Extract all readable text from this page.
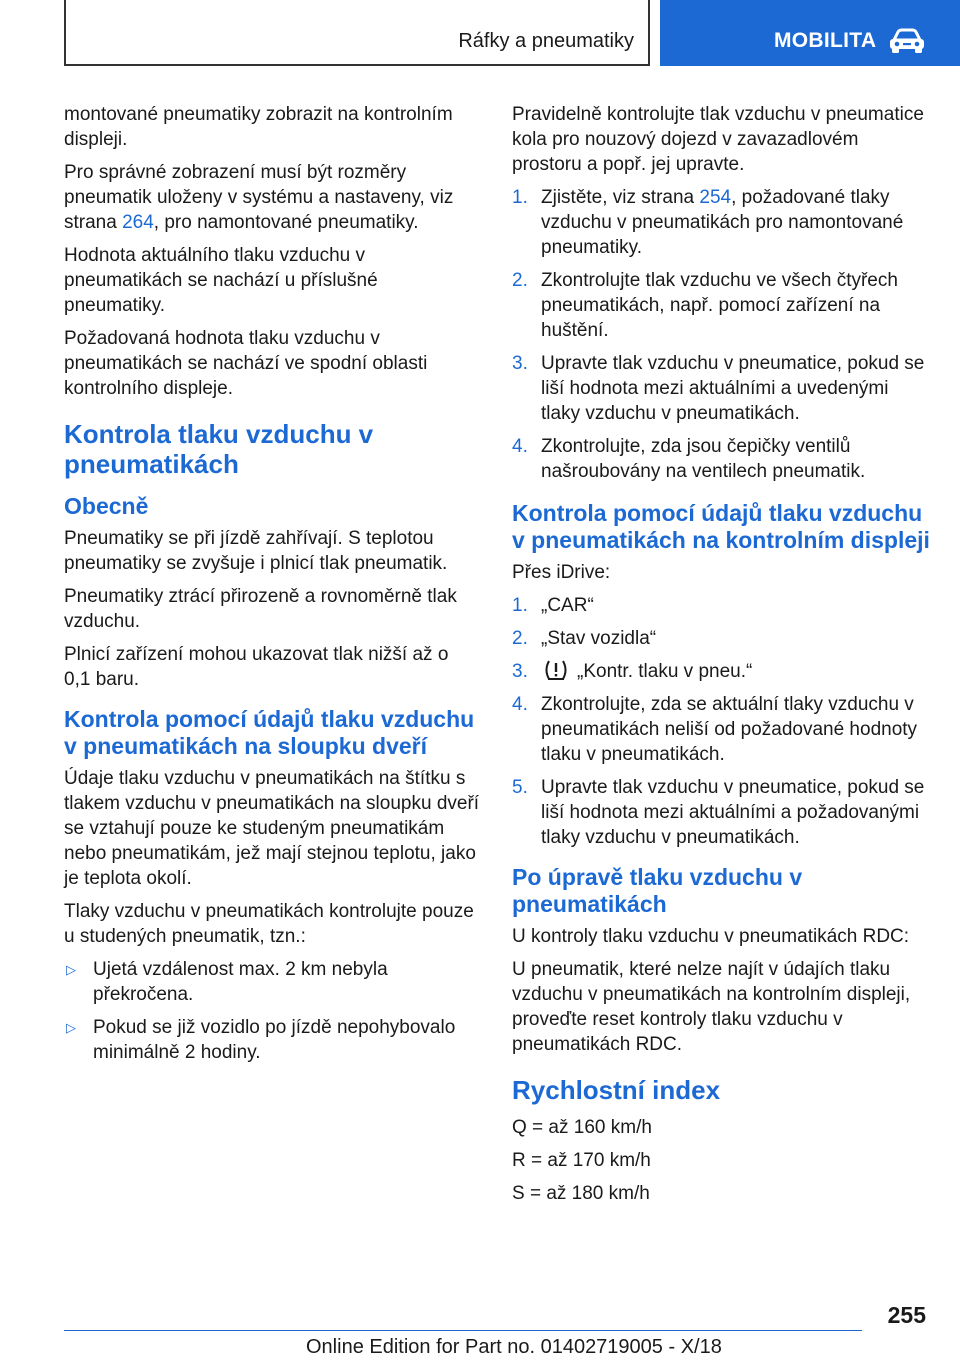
Ráfky a pneumatiky	MOBILITA

montované pneumatiky zobrazit na kontrolním displeji.

Pro správné zobrazení musí být rozměry pneumatik uloženy v systému a nastaveny, viz strana 264, pro namontované pneumatiky.

Hodnota aktuálního tlaku vzduchu v pneumatikách se nachází u příslušné pneumatiky.

Požadovaná hodnota tlaku vzduchu v pneumatikách se nachází ve spodní oblasti kontrolního displeje.

Kontrola tlaku vzduchu v pneumatikách
Obecně

Pneumatiky se při jízdě zahřívají. S teplotou pneumatiky se zvyšuje i plnicí tlak pneumatik.

Pneumatiky ztrácí přirozeně a rovnoměrně tlak vzduchu.

Plnicí zařízení mohou ukazovat tlak nižší až o 0,1 baru.

Kontrola pomocí údajů tlaku vzduchu v pneumatikách na sloupku dveří

Údaje tlaku vzduchu v pneumatikách na štítku s tlakem vzduchu v pneumatikách na sloupku dveří se vztahují pouze ke studeným pneumatikám nebo pneumatikám, jež mají stejnou teplotu, jako je teplota okolí.

Tlaky vzduchu v pneumatikách kontrolujte pouze u studených pneumatik, tzn.:

▷ Ujetá vzdálenost max. 2 km nebyla překročena.
▷ Pokud se již vozidlo po jízdě nepohybovalo minimálně 2 hodiny.

Pravidelně kontrolujte tlak vzduchu v pneumatice kola pro nouzový dojezd v zavazadlovém prostoru a popř. jej upravte.

1. Zjistěte, viz strana 254, požadované tlaky vzduchu v pneumatikách pro namontované pneumatiky.
2. Zkontrolujte tlak vzduchu ve všech čtyřech pneumatikách, např. pomocí zařízení na huštění.
3. Upravte tlak vzduchu v pneumatice, pokud se liší hodnota mezi aktuálními a uvedenými tlaky vzduchu v pneumatikách.
4. Zkontrolujte, zda jsou čepičky ventilů našroubovány na ventilech pneumatik.
Kontrola pomocí údajů tlaku vzduchu v pneumatikách na kontrolním displeji

Přes iDrive:

1. „CAR“
2. „Stav vozidla“
3.	„Kontr. tlaku v pneu.“
4. Zkontrolujte, zda se aktuální tlaky vzduchu v pneumatikách neliší od požadované hodnoty tlaku v pneumatikách.
5. Upravte tlak vzduchu v pneumatice, pokud se liší hodnota mezi aktuálními a požadovanými tlaky vzduchu v pneumatikách.
Po úpravě tlaku vzduchu v pneumatikách

U kontroly tlaku vzduchu v pneumatikách RDC:

U pneumatik, které nelze najít v údajích tlaku vzduchu v pneumatikách na kontrolním displeji, proveďte reset kontroly tlaku vzduchu v pneumatikách RDC.

Rychlostní index

Q = až 160 km/h

R = až 170 km/h

S = až 180 km/h

255
Online Edition for Part no. 01402719005 - X/18
